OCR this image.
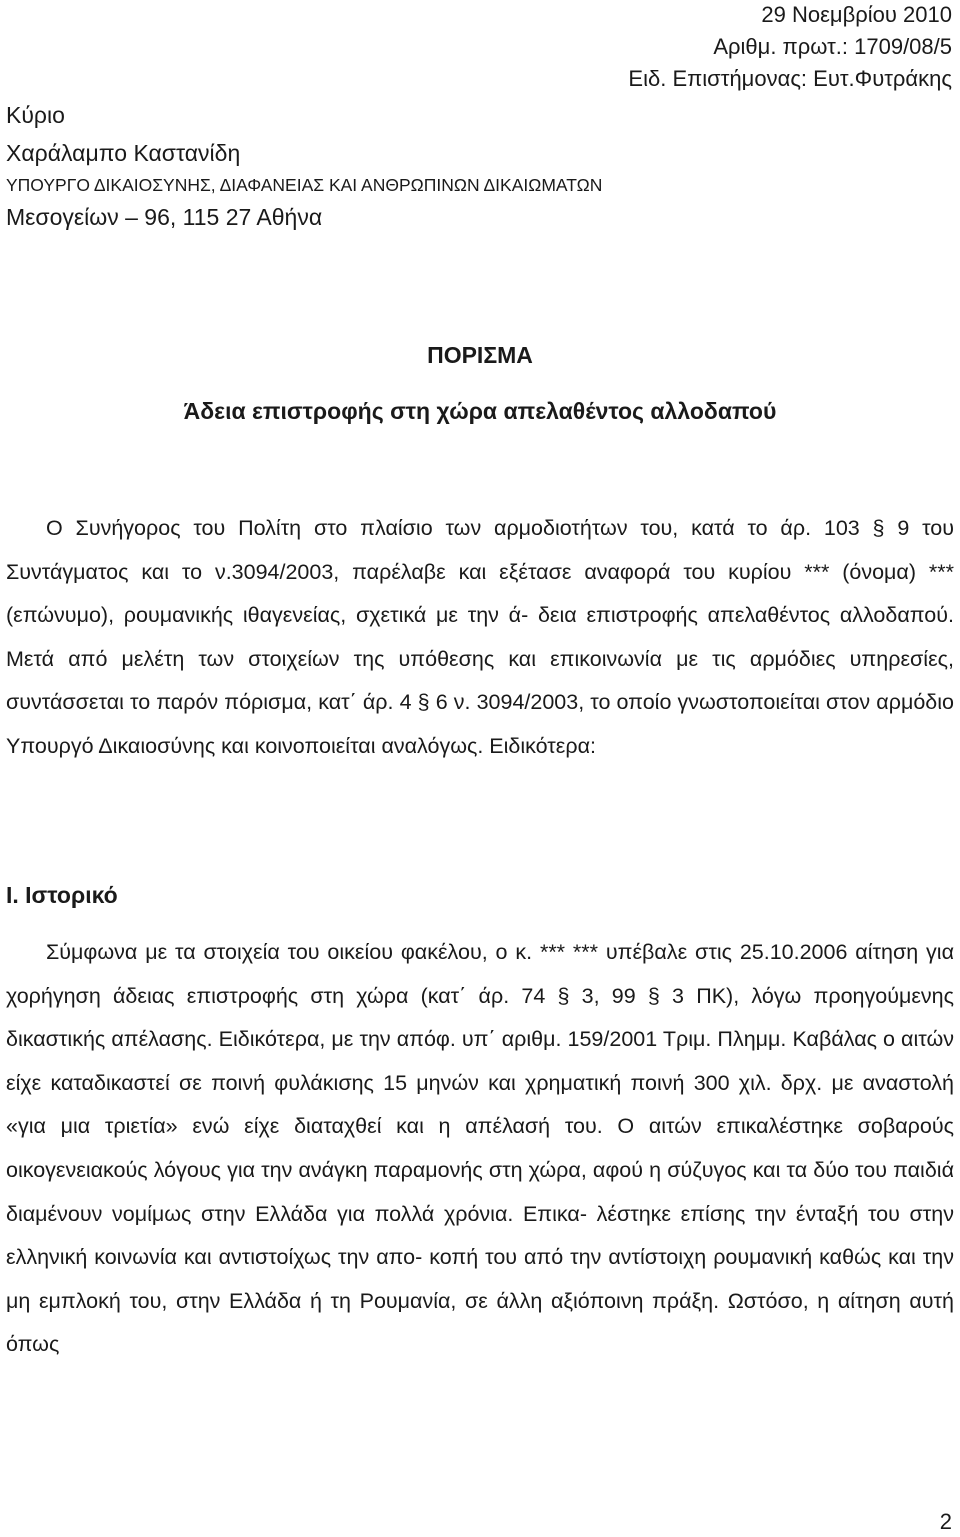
29 Νοεμβρίου 2010
Αριθμ. πρωτ.: 1709/08/5
Ειδ. Επιστήμονας: Ευτ.Φυτράκης
Κύριο
Χαράλαμπο Καστανίδη
ΥΠΟΥΡΓΟ ΔΙΚΑΙΟΣΥΝΗΣ, ΔΙΑΦΑΝΕΙΑΣ ΚΑΙ ΑΝΘΡΩΠΙΝΩΝ ΔΙΚΑΙΩΜΑΤΩΝ
Μεσογείων – 96, 115 27 Αθήνα
ΠΟΡΙΣΜΑ
Άδεια επιστροφής στη χώρα απελαθέντος αλλοδαπού

Ο Συνήγορος του Πολίτη στο πλαίσιο των αρμοδιοτήτων του, κατά το άρ. 103 § 9 του Συντάγματος και το ν.3094/2003, παρέλαβε και εξέτασε αναφορά του κυρίου *** (όνομα) *** (επώνυμο), ρουμανικής ιθαγενείας, σχετικά με την ά- δεια επιστροφής απελαθέντος αλλοδαπού. Μετά από μελέτη των στοιχείων της υπόθεσης και επικοινωνία με τις αρμόδιες υπηρεσίες, συντάσσεται το παρόν πόρισμα, κατ΄ άρ. 4 § 6 ν. 3094/2003, το οποίο γνωστοποιείται στον αρμόδιο Υπουργό Δικαιοσύνης και κοινοποιείται αναλόγως. Ειδικότερα:

Ι. Ιστορικό

Σύμφωνα με τα στοιχεία του οικείου φακέλου, ο κ. *** *** υπέβαλε στις 25.10.2006 αίτηση για χορήγηση άδειας επιστροφής στη χώρα (κατ΄ άρ. 74 § 3, 99 § 3 ΠΚ), λόγω προηγούμενης δικαστικής απέλασης. Ειδικότερα, με την απόφ. υπ΄ αριθμ. 159/2001 Τριμ. Πλημμ. Καβάλας ο αιτών είχε καταδικαστεί σε ποινή φυλάκισης 15 μηνών και χρηματική ποινή 300 χιλ. δρχ. με αναστολή «για μια τριετία» ενώ είχε διαταχθεί και η απέλασή του. Ο αιτών επικαλέστηκε σοβαρούς οικογενειακούς λόγους για την ανάγκη παραμονής στη χώρα, αφού η σύζυγος και τα δύο του παιδιά διαμένουν νομίμως στην Ελλάδα για πολλά χρόνια. Επικα- λέστηκε επίσης την ένταξή του στην ελληνική κοινωνία και αντιστοίχως την απο- κοπή του από την αντίστοιχη ρουμανική καθώς και την μη εμπλοκή του, στην Ελλάδα ή τη Ρουμανία, σε άλλη αξιόποινη πράξη. Ωστόσο, η αίτηση αυτή όπως

2
